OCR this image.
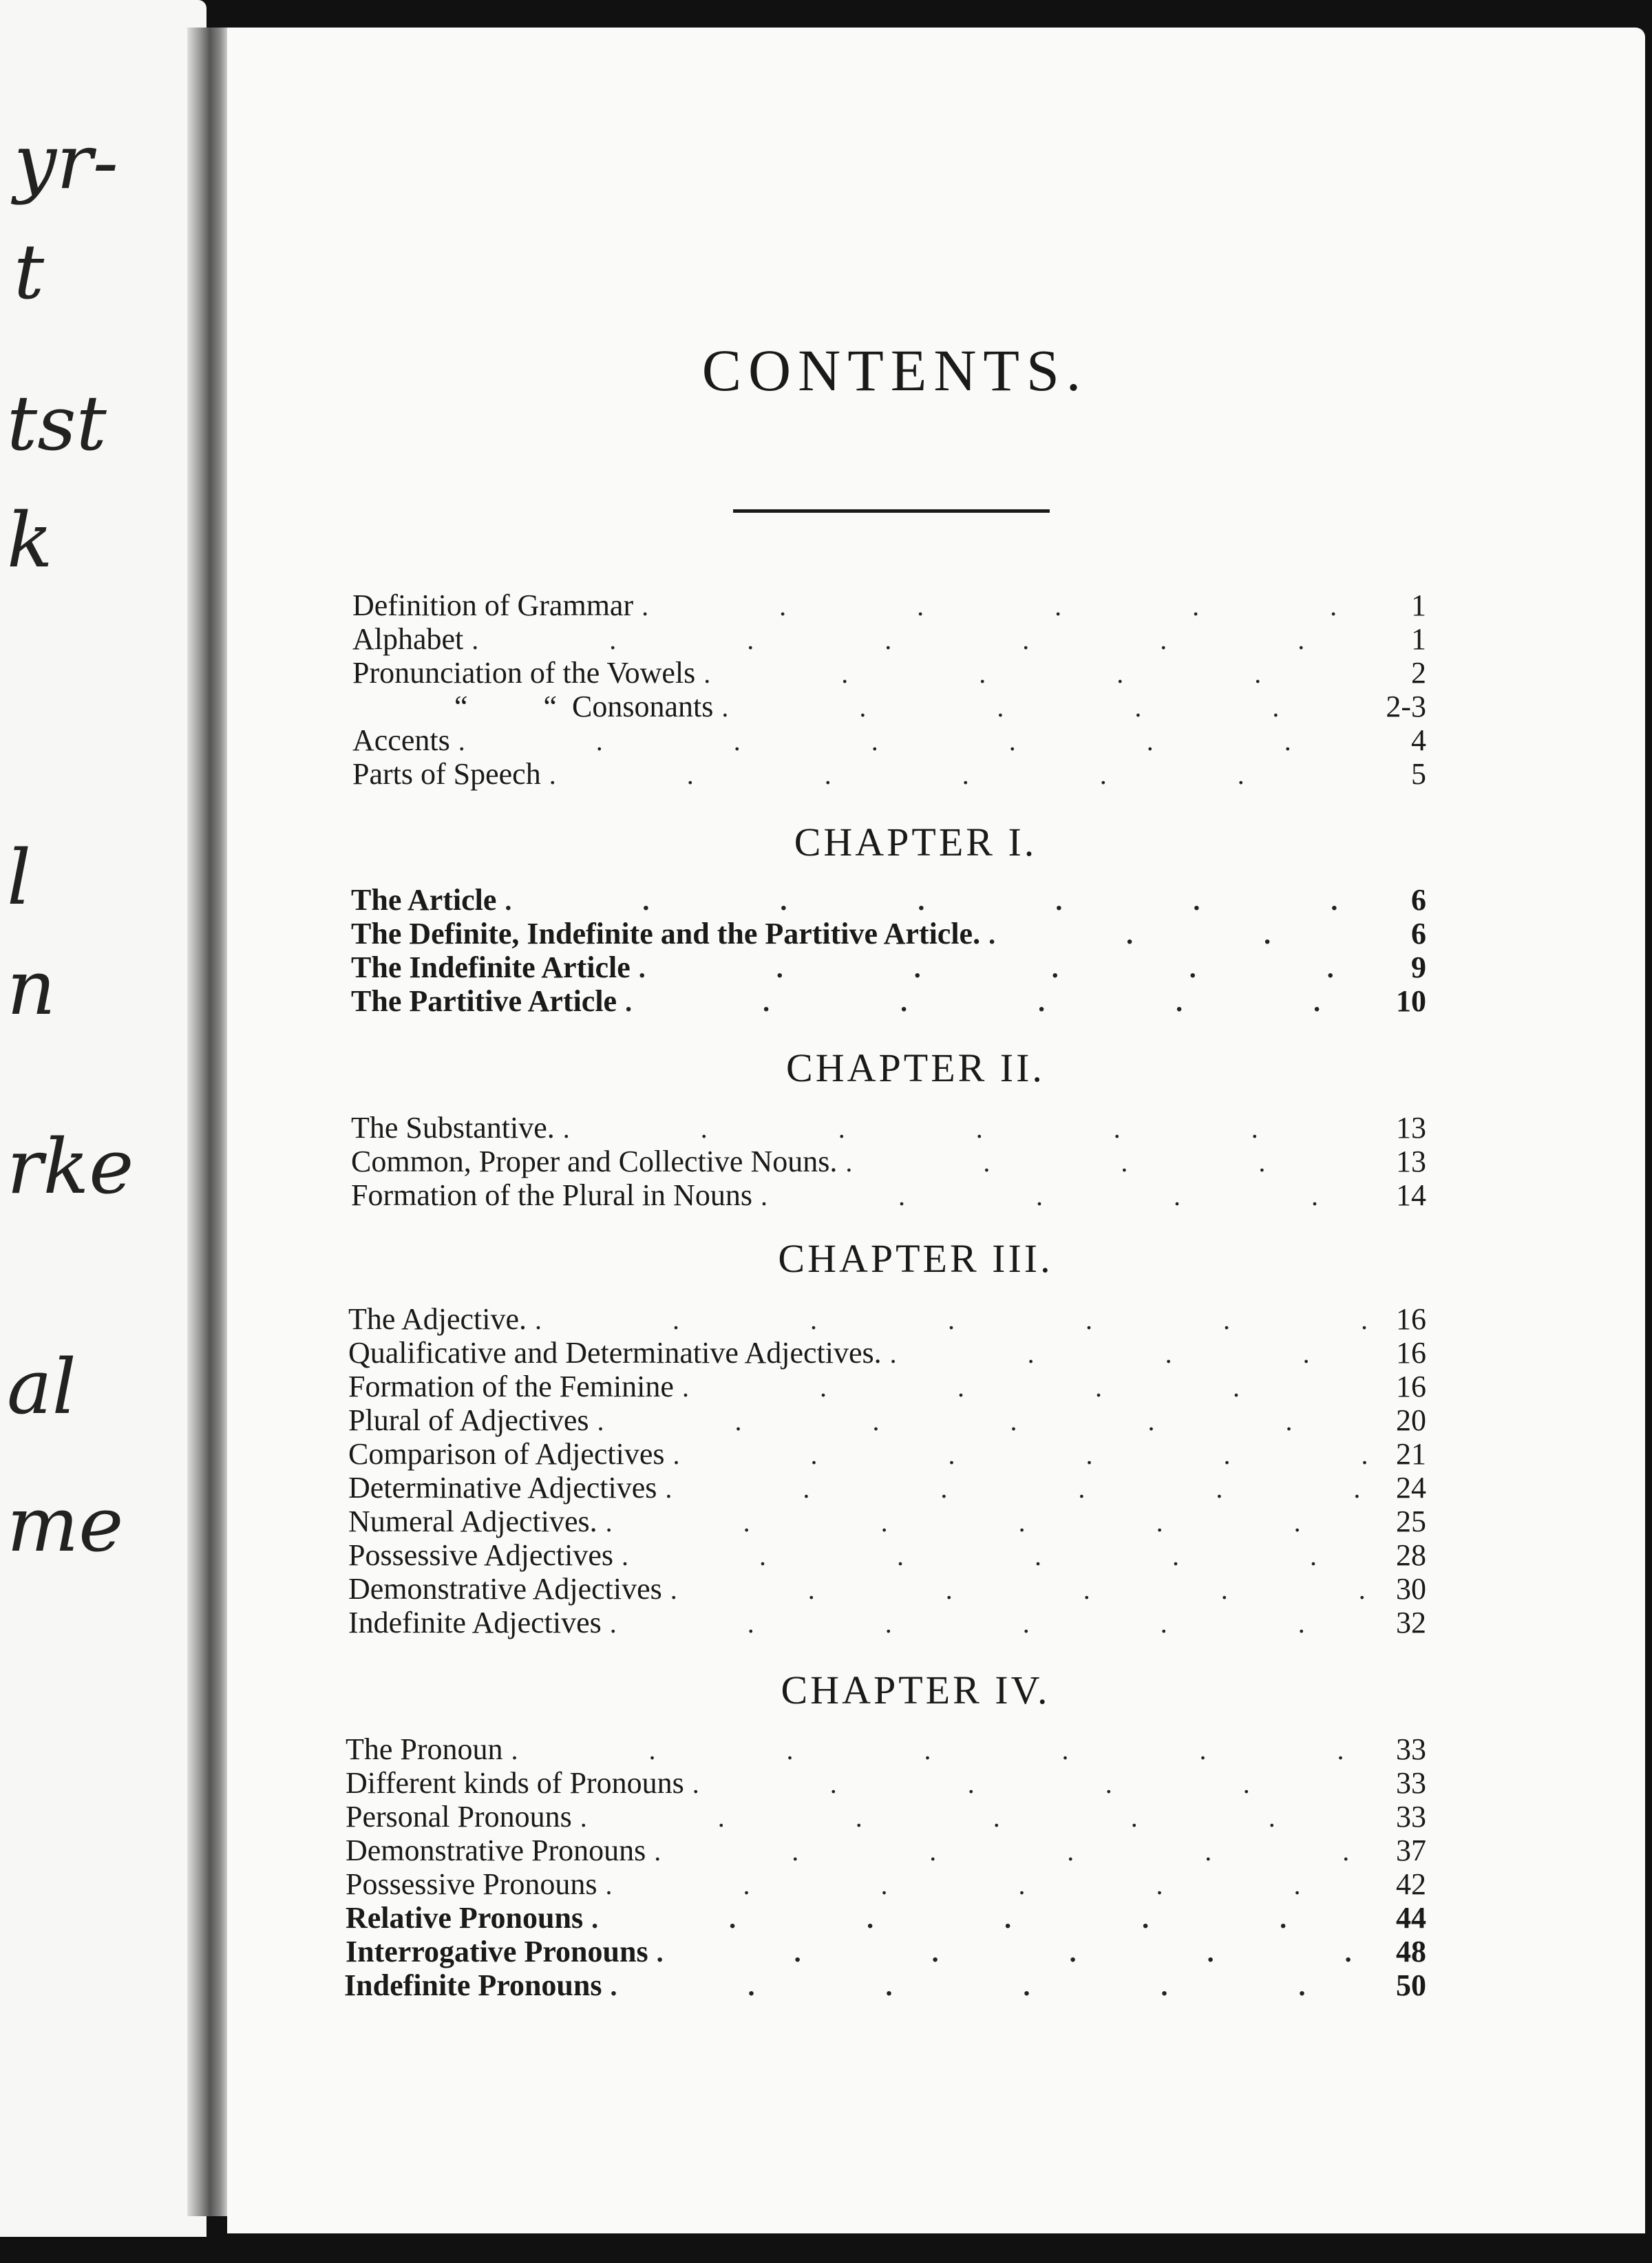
yr-
t
tst
k
l
n
rke
al
me
CONTENTS.
Definition of Grammar .	1
Alphabet .	1
Pronunciation of the Vowels .	2
“          “  Consonants .	2-3
Accents .	4
Parts of Speech .	5
CHAPTER I.
The Article .	6
The Definite, Indefinite and the Partitive Article. .	6
The Indefinite Article .	9
The Partitive Article .	10
CHAPTER II.
The Substantive. .	13
Common, Proper and Collective Nouns. .	13
Formation of the Plural in Nouns .	14
CHAPTER III.
The Adjective. .	16
Qualificative and Determinative Adjectives. .	16
Formation of the Feminine .	16
Plural of Adjectives .	20
Comparison of Adjectives .	21
Determinative Adjectives .	24
Numeral Adjectives. .	25
Possessive Adjectives .	28
Demonstrative Adjectives .	30
Indefinite Adjectives .	32
CHAPTER IV.
The Pronoun .	33
Different kinds of Pronouns .	33
Personal Pronouns .	33
Demonstrative Pronouns .	37
Possessive Pronouns .	42
Relative Pronouns .	44
Interrogative Pronouns .	48
Indefinite Pronouns .	50
